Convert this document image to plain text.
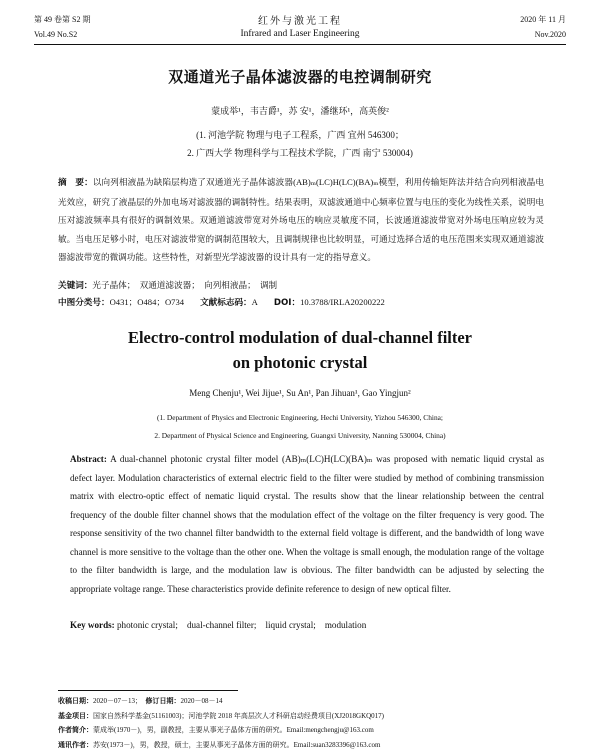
第 49 卷第 S2 期	红外与激光工程	2020 年 11 月
Vol.49 No.S2	Infrared and Laser Engineering	Nov.2020
双通道光子晶体滤波器的电控调制研究
蒙成举¹，韦吉爵¹，苏 安¹，潘继环¹，高英俊²
(1. 河池学院 物理与电子工程系，广西 宜州 546300；
2. 广西大学 物理科学与工程技术学院，广西 南宁 530004)
摘　要：以向列相液晶为缺陷层构造了双通道光子晶体滤波器(AB)ₘ(LC)H(LC)(BA)ₘ模型，利用传输矩阵法并结合向列相液晶电光效应，研究了液晶层的外加电场对滤波器的调制特性。结果表明，双滤波通道中心频率位置与电压的变化为线性关系，说明电压对滤波频率具有很好的调制效果。双通道滤波带宽对外场电压的响应灵敏度不同，长波通道滤波带宽对外场电压响应较为灵敏。当电压足够小时，电压对滤波带宽的调制范围较大，且调制规律也比较明显，可通过选择合适的电压范围来实现双通道滤波器滤波带宽的微调功能。这些特性，对新型光学滤波器的设计具有一定的指导意义。
关键词：光子晶体；　双通道滤波器；　向列相液晶；　调制
中图分类号：O431；O484；O734 文献标志码：A DOI：10.3788/IRLA20200222
Electro-control modulation of dual-channel filter
on photonic crystal
Meng Chenju¹, Wei Jijue¹, Su An¹, Pan Jihuan¹, Gao Yingjun²
(1. Department of Physics and Electronic Engineering, Hechi University, Yizhou 546300, China;
2. Department of Physical Science and Engineering, Guangxi University, Nanning 530004, China)
Abstract: A dual-channel photonic crystal filter model (AB)ₘ(LC)H(LC)(BA)ₘ was proposed with nematic liquid crystal as defect layer. Modulation characteristics of external electric field to the filter were studied by method of combining transmission matrix with electro-optic effect of nematic liquid crystal. The results show that the linear relationship between the central frequency of the double filter channel shows that the modulation effect of the voltage on the filter frequency is very good. The response sensitivity of the two channel filter bandwidth to the external field voltage is different, and the bandwidth of long wave channel is more sensitive to the voltage than the other one. When the voltage is small enough, the modulation range of the voltage to the filter bandwidth is large, and the modulation law is obvious. The filter bandwidth can be adjusted by selecting the appropriate voltage range. These characteristics provide definite reference to design of new optical filter.
Key words: photonic crystal;　dual-channel filter;　liquid crystal;　modulation
收稿日期：2020－07－13；　 修订日期：2020－08－14
基金项目：国家自然科学基金(51161003)；河池学院 2018 年高层次人才科研启动经费项目(XJ2018GKQ017)
作者简介：蒙成举(1970－)，男，副教授，主要从事光子晶体方面的研究。Email:mengchengju@163.com
通讯作者：苏安(1973－)，男，教授，硕士，主要从事光子晶体方面的研究。Email:suan3283396@163.com
